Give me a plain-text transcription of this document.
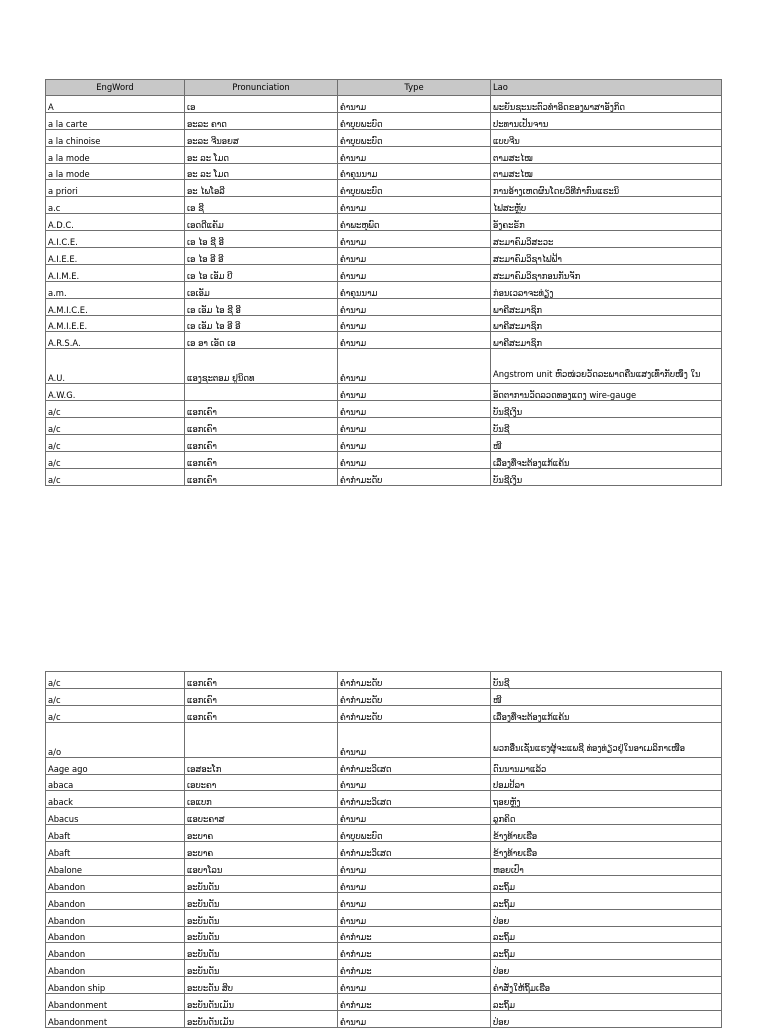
EngWord	Pronunciation	Type	Lao
A	ເອ	ຄຳນາມ	ພະຍັນຊະນະຕົວທຳອິດຂອງພາສາອັງກິດ
a la carte	ອະລະ ຄາດ	ຄຳບຸບພະບົດ	ປະທານເປັນຈານ
a la chinoise	ອະລະ ຈີນອຍສ	ຄຳບຸບພະບົດ	ແບບຈີນ
a la mode	ອະ ລະ ໂມດ	ຄຳນາມ	ຕາມສະໄໝ
a la mode	ອະ ລະ ໂມດ	ຄຳຄຸນນາມ	ຕາມສະໄໝ
a priori	ອະ ໄພໂອລີ	ຄຳບຸບພະບົດ	ການອ້າງເຫດຜົນໂດຍວິທີກຳກົນແຮະນິ
a.c	ເອ ຊີ	ຄຳນາມ	ໄຟສະຫຼັບ
A.D.C.	ເອດດີແຄັມ	ຄຳພະຫຸພົດ	ອັງຄະຣັກ
A.I.C.E.	ເອ ໄອ ຊີ ອີ	ຄຳນາມ	ສະມາຄົມວິສະວະ
A.I.E.E.	ເອ ໄອ ອີ ອີ	ຄຳນາມ	ສະມາຄົມວິຊາໄຟຟ້າ
A.I.M.E.	ເອ ໄອ ເອັມ ບີ	ຄຳນາມ	ສະມາຄົມວິຊາກອນກັນຈັກ
a.m.	ເອເອັມ	ຄຳຄຸນນາມ	ກ່ອນເວລາຈະທ່ຽງ
A.M.I.C.E.	ເອ ເອັມ ໄອ ຊີ ອີ	ຄຳນາມ	ພາຄີສະມາຊິກ
A.M.I.E.E.	ເອ ເອັມ ໄອ ອີ ອີ	ຄຳນາມ	ພາຄີສະມາຊິກ
A.R.S.A.	ເອ ອາ ເອັດ ເອ	ຄຳນາມ	ພາຄີສະມາຊິກ
A.U.	ແອງຊະຕອມ ຢູນິດທ	ຄຳນາມ	Angstrom unit ຫົວໜ່ວຍວັດລະພາດຄືນແສງເທົ່າກັບໜຶ່ງ ໃນ
A.W.G.		ຄຳນາມ	ອັດຕາການວັດລວດທອງແດງ wire-gauge
a/c	ແອກເຄົາ	ຄຳນາມ	ບັນຊີເງິນ
a/c	ແອກເຄົາ	ຄຳນາມ	ບັນຊີ
a/c	ແອກເຄົາ	ຄຳນາມ	ໜີ
a/c	ແອກເຄົາ	ຄຳນາມ	ເລື່ອງທີ່ຈະຕ້ອງແກ້ແຄ້ນ
a/c	ແອກເຄົາ	ຄຳກຳມະດັບ	ບັນຊີເງິນ
a/c	ແອກເຄົາ	ຄຳກຳມະດັບ	ບັນຊີ
a/c	ແອກເຄົາ	ຄຳກຳມະດັບ	ໜີ
a/c	ແອກເຄົາ	ຄຳກຳມະດັບ	ເລື່ອງທີ່ຈະຕ້ອງແກ້ແຄ້ນ
a/o		ຄຳນາມ	ພວກອື່ນເຊັ່ນແຮງຜູ້ຈະແພຊີ ທ່ອງທ່ຽວຢູ່ໃນອາເມລິກາເໜືອ
Aage ago	ເອສອະໂກ	ຄຳກຳມະວິເສດ	ດົນນານມາແລ້ວ
abaca	ເອບະຄາ	ຄຳນາມ	ປອມປ້ລາ
aback	ເອແບກ	ຄຳກຳມະວິເສດ	ຖອຍຫຼັງ
Abacus	ແອບະຄາສ	ຄຳນາມ	ລູກຄິດ
Abaft	ອະບາຄ	ຄຳບຸບພະບົດ	ຂ້າງທ້າຍເຮືອ
Abaft	ອະບາຄ	ຄຳກຳມະວິເສດ	ຂ້າງທ້າຍເຮືອ
Abalone	ແອບາໂລນ	ຄຳນາມ	ຫອຍເປົາ
Abandon	ອະບັນດັນ	ຄຳນາມ	ລະຖິ້ມ
Abandon	ອະບັນດັນ	ຄຳນາມ	ລະຖິ້ມ
Abandon	ອະບັນດັນ	ຄຳນາມ	ປ່ອຍ
Abandon	ອະບັນດັນ	ຄຳກຳມະ	ລະຖິ້ມ
Abandon	ອະບັນດັນ	ຄຳກຳມະ	ລະຖິ້ມ
Abandon	ອະບັນດັນ	ຄຳກຳມະ	ປ່ອຍ
Abandon ship	ອະບະດັນ ສິບ	ຄຳນາມ	ຄຳສັ່ງໃຫ້ຖິ້ມເຮືອ
Abandonment	ອະບັນດັນເມັນ	ຄຳກຳມະ	ລະຖິ້ມ
Abandonment	ອະບັນດັນເມັນ	ຄຳນາມ	ປ່ອຍ
